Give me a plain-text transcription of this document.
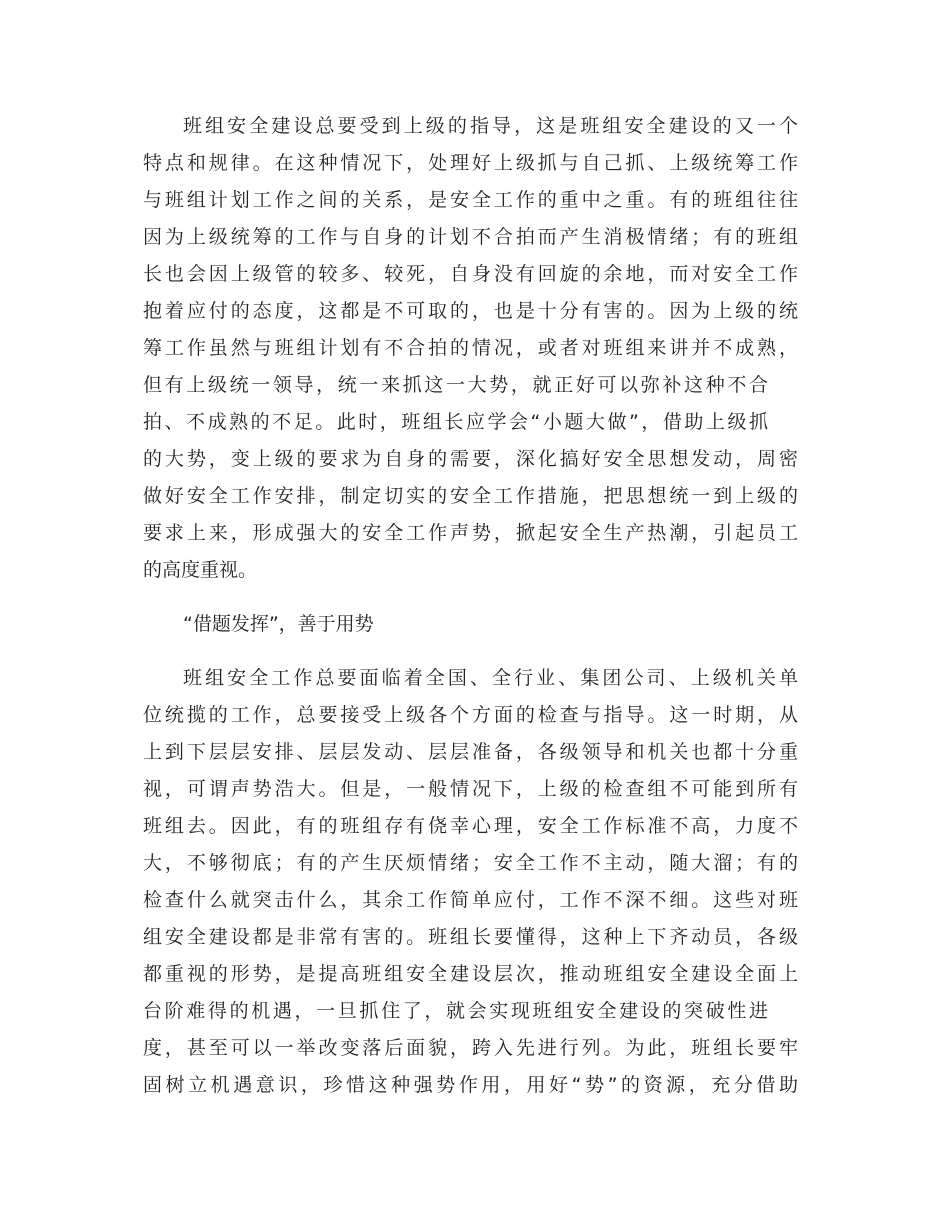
班组安全建设总要受到上级的指导，这是班组安全建设的又一个
特点和规律。在这种情况下，处理好上级抓与自己抓、上级统筹工作
与班组计划工作之间的关系，是安全工作的重中之重。有的班组往往
因为上级统筹的工作与自身的计划不合拍而产生消极情绪；有的班组
长也会因上级管的较多、较死，自身没有回旋的余地，而对安全工作
抱着应付的态度，这都是不可取的，也是十分有害的。因为上级的统
筹工作虽然与班组计划有不合拍的情况，或者对班组来讲并不成熟，
但有上级统一领导，统一来抓这一大势，就正好可以弥补这种不合
拍、不成熟的不足。此时，班组长应学会“小题大做”，借助上级抓
的大势，变上级的要求为自身的需要，深化搞好安全思想发动，周密
做好安全工作安排，制定切实的安全工作措施，把思想统一到上级的
要求上来，形成强大的安全工作声势，掀起安全生产热潮，引起员工
的高度重视。
“借题发挥”，善于用势
班组安全工作总要面临着全国、全行业、集团公司、上级机关单
位统揽的工作，总要接受上级各个方面的检查与指导。这一时期，从
上到下层层安排、层层发动、层层准备，各级领导和机关也都十分重
视，可谓声势浩大。但是，一般情况下，上级的检查组不可能到所有
班组去。因此，有的班组存有侥幸心理，安全工作标准不高，力度不
大，不够彻底；有的产生厌烦情绪；安全工作不主动，随大溜；有的
检查什么就突击什么，其余工作简单应付，工作不深不细。这些对班
组安全建设都是非常有害的。班组长要懂得，这种上下齐动员，各级
都重视的形势，是提高班组安全建设层次，推动班组安全建设全面上
台阶难得的机遇，一旦抓住了，就会实现班组安全建设的突破性进
度，甚至可以一举改变落后面貌，跨入先进行列。为此，班组长要牢
固树立机遇意识，珍惜这种强势作用，用好“势”的资源，充分借助
